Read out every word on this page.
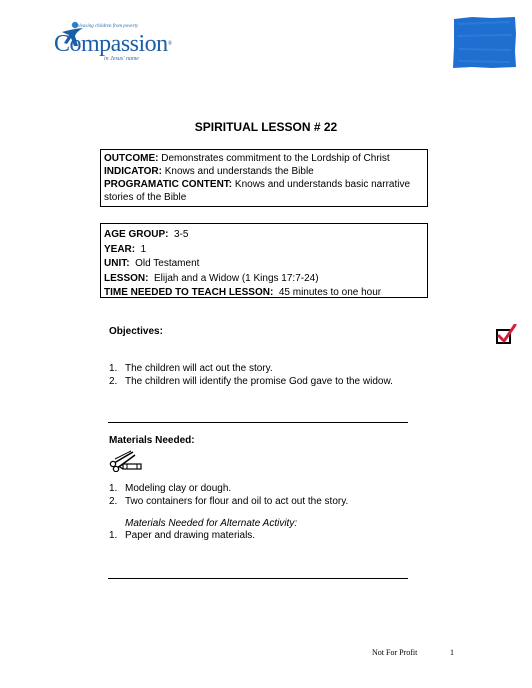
Releasing children from poverty
Compassion®
in Jesus' name
SPIRITUAL LESSON # 22

OUTCOME: Demonstrates commitment to the Lordship of Christ

INDICATOR: Knows and understands the Bible

PROGRAMATIC CONTENT: Knows and understands basic narrative stories of the Bible

AGE GROUP:  3-5

YEAR:  1

UNIT:  Old Testament

LESSON:  Elijah and a Widow (1 Kings 17:7-24)

TIME NEEDED TO TEACH LESSON:  45 minutes to one hour

Objectives:
1. The children will act out the story.
2. The children will identify the promise God gave to the widow.
Materials Needed:
1. Modeling clay or dough.
2. Two containers for flour and oil to act out the story.
Materials Needed for Alternate Activity:
1. Paper and drawing materials.
Not For Profit	1
